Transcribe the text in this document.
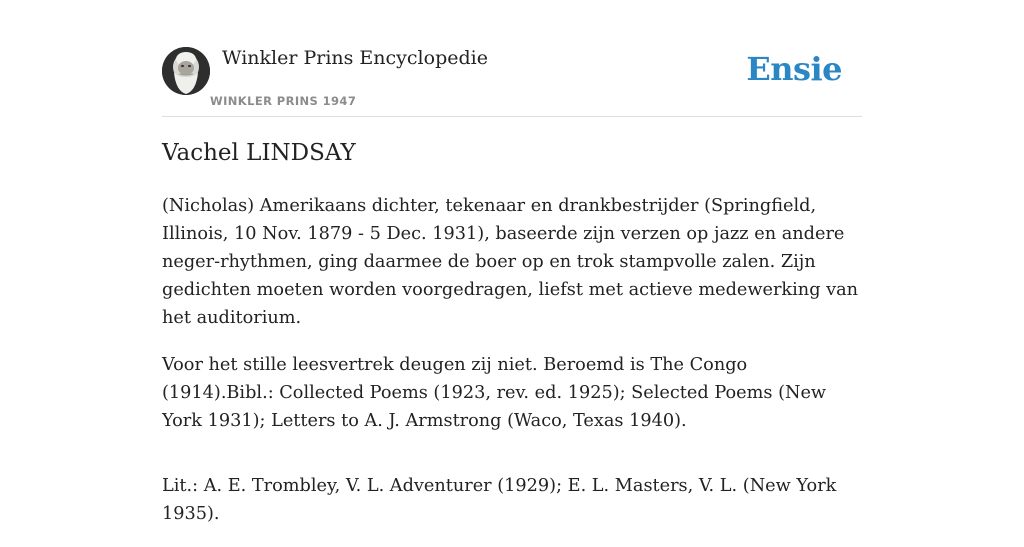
Winkler Prins Encyclopedie
WINKLER PRINS 1947
Ensie
Vachel LINDSAY

(Nicholas) Amerikaans dichter, tekenaar en drankbestrijder (Springfield, Illinois, 10 Nov. 1879 - 5 Dec. 1931), baseerde zijn verzen op jazz en andere neger-rhythmen, ging daarmee de boer op en trok stampvolle zalen. Zijn gedichten moeten worden voorgedragen, liefst met actieve medewerking van het auditorium.

Voor het stille leesvertrek deugen zij niet. Beroemd is The Congo (1914).Bibl.: Collected Poems (1923, rev. ed. 1925); Selected Poems (New York 1931); Letters to A. J. Armstrong (Waco, Texas 1940).

Lit.: A. E. Trombley, V. L. Adventurer (1929); E. L. Masters, V. L. (New York 1935).
